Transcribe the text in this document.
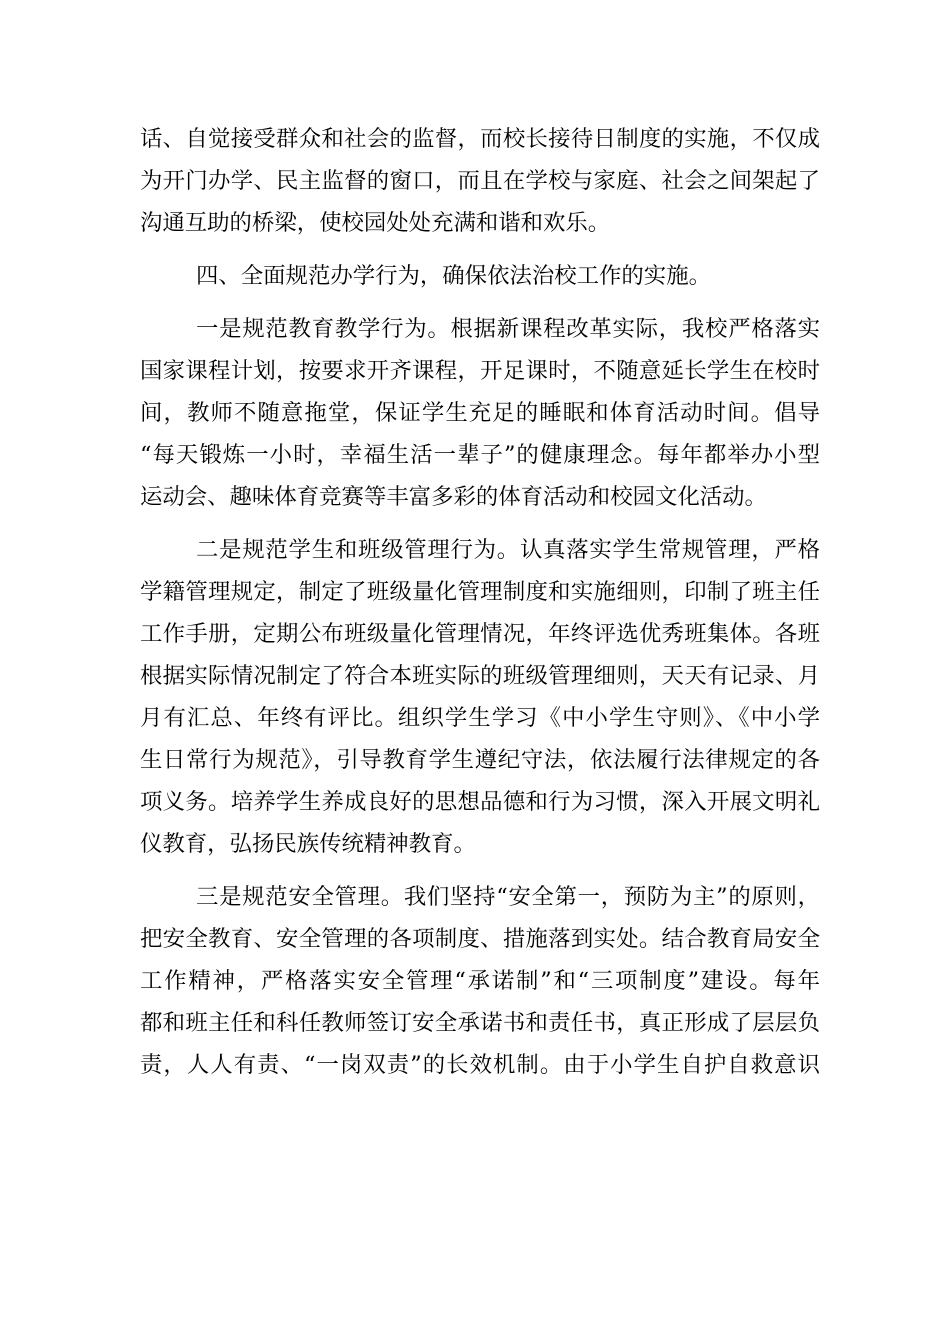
话、自觉接受群众和社会的监督，而校长接待日制度的实施，不仅成
为开门办学、民主监督的窗口，而且在学校与家庭、社会之间架起了
沟通互助的桥梁，使校园处处充满和谐和欢乐。
四、全面规范办学行为，确保依法治校工作的实施。
一是规范教育教学行为。根据新课程改革实际，我校严格落实
国家课程计划，按要求开齐课程，开足课时，不随意延长学生在校时
间，教师不随意拖堂，保证学生充足的睡眠和体育活动时间。倡导
“每天锻炼一小时，幸福生活一辈子”的健康理念。每年都举办小型
运动会、趣味体育竞赛等丰富多彩的体育活动和校园文化活动。
二是规范学生和班级管理行为。认真落实学生常规管理，严格
学籍管理规定，制定了班级量化管理制度和实施细则，印制了班主任
工作手册，定期公布班级量化管理情况，年终评选优秀班集体。各班
根据实际情况制定了符合本班实际的班级管理细则，天天有记录、月
月有汇总、年终有评比。组织学生学习《中小学生守则》、《中小学
生日常行为规范》，引导教育学生遵纪守法，依法履行法律规定的各
项义务。培养学生养成良好的思想品德和行为习惯，深入开展文明礼
仪教育，弘扬民族传统精神教育。
三是规范安全管理。我们坚持“安全第一，预防为主”的原则，
把安全教育、安全管理的各项制度、措施落到实处。结合教育局安全
工作精神，严格落实安全管理“承诺制”和“三项制度”建设。每年
都和班主任和科任教师签订安全承诺书和责任书，真正形成了层层负
责，人人有责、“一岗双责”的长效机制。由于小学生自护自救意识
